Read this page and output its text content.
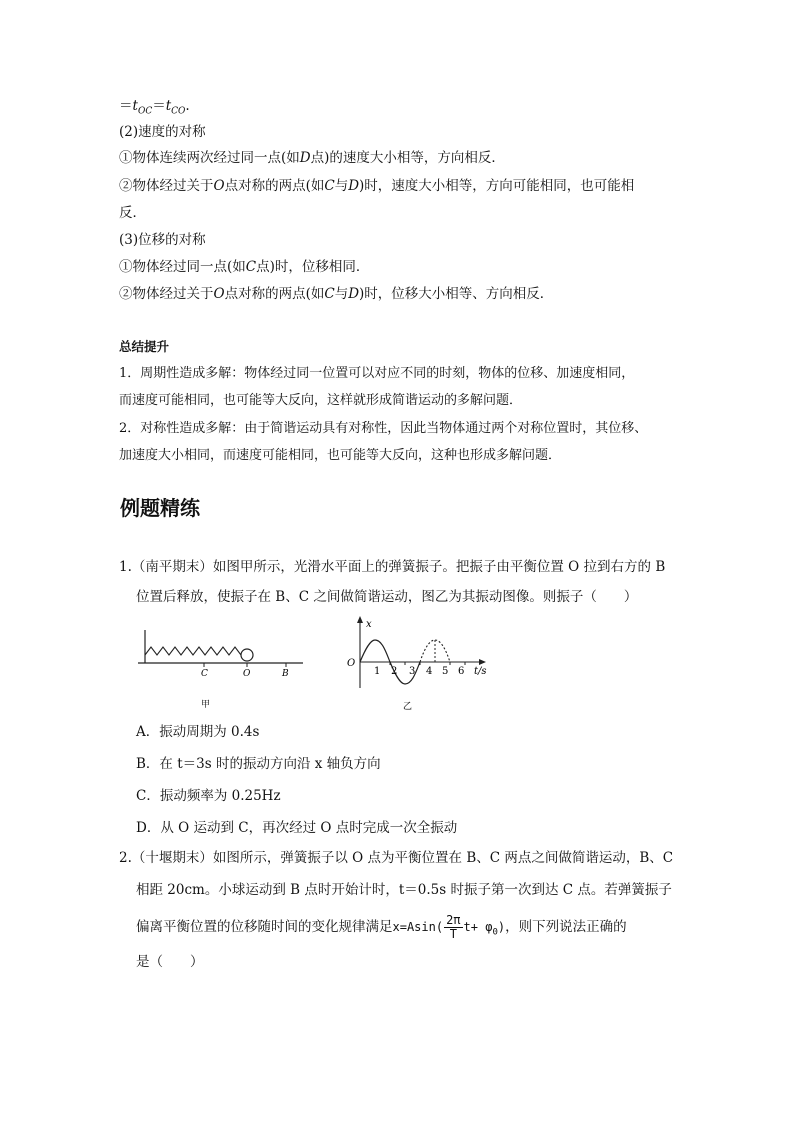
$=t_{OC}=t_{CO}$.
(2)速度的对称
①物体连续两次经过同一点(如D点)的速度大小相等，方向相反．
②物体经过关于O点对称的两点(如C与D)时，速度大小相等，方向可能相同，也可能相
反．
(3)位移的对称
①物体经过同一点(如C点)时，位移相同．
②物体经过关于O点对称的两点(如C与D)时，位移大小相等、方向相反．
总结提升
1．周期性造成多解：物体经过同一位置可以对应不同的时刻，物体的位移、加速度相同，
而速度可能相同，也可能等大反向，这样就形成简谐运动的多解问题．
2．对称性造成多解：由于简谐运动具有对称性，因此当物体通过两个对称位置时，其位移、
加速度大小相同，而速度可能相同，也可能等大反向，这种也形成多解问题．
例题精练
1.（南平期末）如图甲所示，光滑水平面上的弹簧振子。把振子由平衡位置 O 拉到右方的 B
位置后释放，使振子在 B、C 之间做简谐运动，图乙为其振动图像。则振子（　　）
C	O	B
甲
x
O
1 2 3 4 5 6 t/s
乙
A．振动周期为 0.4s
B．在 t＝3s 时的振动方向沿 x 轴负方向
C．振动频率为 0.25Hz
D．从 O 运动到 C，再次经过 O 点时完成一次全振动
2.（十堰期末）如图所示，弹簧振子以 O 点为平衡位置在 B、C 两点之间做简谐运动，B、C
相距 20cm。小球运动到 B 点时开始计时，t＝0.5s 时振子第一次到达 C 点。若弹簧振子
偏离平衡位置的位移随时间的变化规律满足$x=Asin( \frac{2\pi}{T} t+ \varphi_0)$，则下列说法正确的
是（　　）
